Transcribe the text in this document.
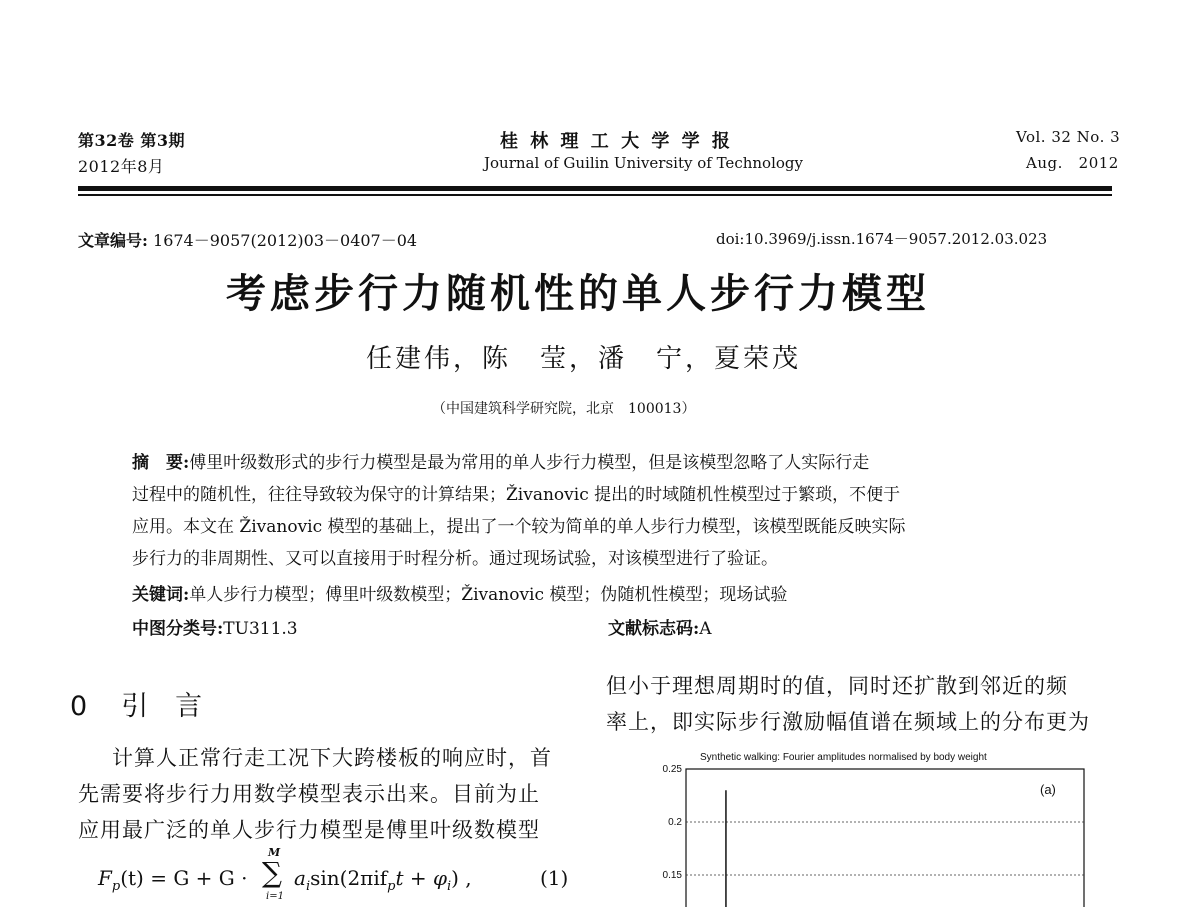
第32卷 第3期
2012年8月
桂 林 理 工 大 学 学 报
Journal of Guilin University of Technology
Vol. 32 No. 3
Aug.   2012
文章编号: 1674－9057(2012)03－0407－04	doi:10.3969/j.issn.1674－9057.2012.03.023
考虑步行力随机性的单人步行力模型
任建伟，陈　莹，潘　宁，夏荣茂
（中国建筑科学研究院，北京　100013）
摘　要:傅里叶级数形式的步行力模型是最为常用的单人步行力模型，但是该模型忽略了人实际行走
过程中的随机性，往往导致较为保守的计算结果；Živanovic 提出的时域随机性模型过于繁琐，不便于
应用。本文在 Živanovic 模型的基础上，提出了一个较为简单的单人步行力模型，该模型既能反映实际
步行力的非周期性、又可以直接用于时程分析。通过现场试验，对该模型进行了验证。
关键词:单人步行力模型；傅里叶级数模型；Živanovic 模型；伪随机性模型；现场试验
中图分类号:TU311.3	文献标志码:A
0 引　言
计算人正常行走工况下大跨楼板的响应时，首
先需要将步行力用数学模型表示出来。目前为止
应用最广泛的单人步行力模型是傅里叶级数模型
$F_p(t) = G + G$ ·
M
∑
i=1
$a_i\sin(2\pi if_pt + \varphi_i)$ ,	(1)
但小于理想周期时的值，同时还扩散到邻近的频
率上，即实际步行激励幅值谱在频域上的分布更为
Synthetic walking: Fourier amplitudes normalised by body weight
(a)
0.25
0.2
0.15
